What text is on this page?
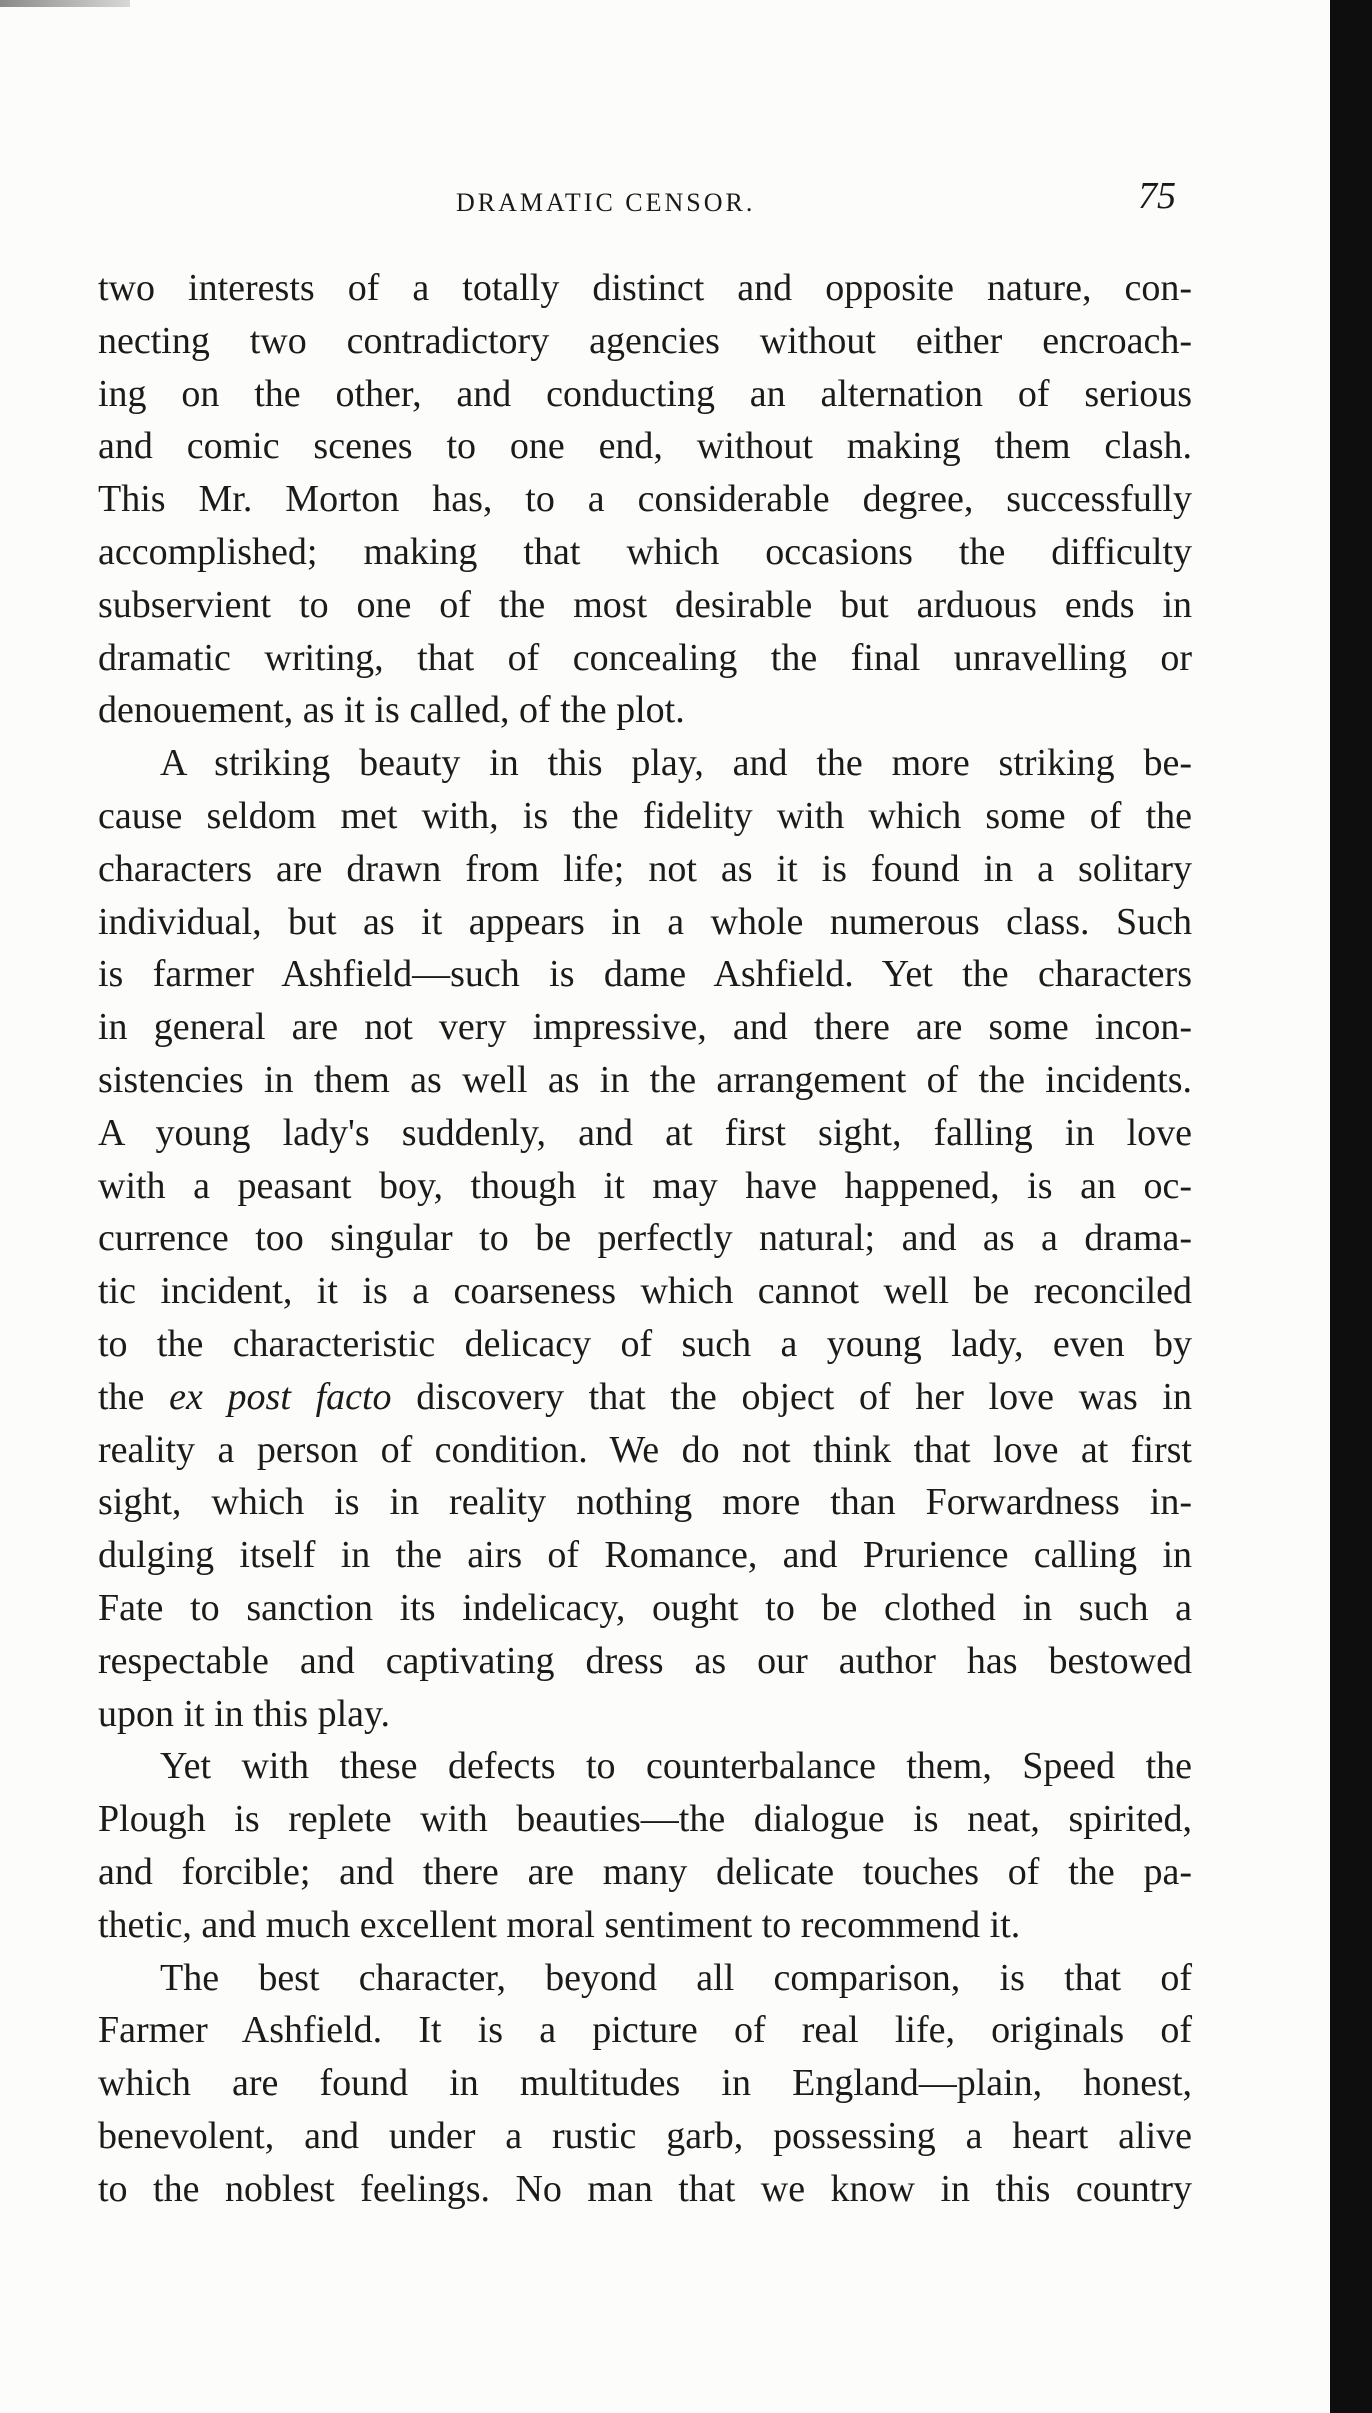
DRAMATIC CENSOR.	75
two interests of a totally distinct and opposite nature, con-
necting two contradictory agencies without either encroach-
ing on the other, and conducting an alternation of serious
and comic scenes to one end, without making them clash.
This Mr. Morton has, to a considerable degree, successfully
accomplished; making that which occasions the difficulty
subservient to one of the most desirable but arduous ends in
dramatic writing, that of concealing the final unravelling or
denouement, as it is called, of the plot.
A striking beauty in this play, and the more striking be-
cause seldom met with, is the fidelity with which some of the
characters are drawn from life; not as it is found in a solitary
individual, but as it appears in a whole numerous class. Such
is farmer Ashfield—such is dame Ashfield. Yet the characters
in general are not very impressive, and there are some incon-
sistencies in them as well as in the arrangement of the incidents.
A young lady's suddenly, and at first sight, falling in love
with a peasant boy, though it may have happened, is an oc-
currence too singular to be perfectly natural; and as a drama-
tic incident, it is a coarseness which cannot well be reconciled
to the characteristic delicacy of such a young lady, even by
the ex post facto discovery that the object of her love was in
reality a person of condition. We do not think that love at first
sight, which is in reality nothing more than Forwardness in-
dulging itself in the airs of Romance, and Prurience calling in
Fate to sanction its indelicacy, ought to be clothed in such a
respectable and captivating dress as our author has bestowed
upon it in this play.
Yet with these defects to counterbalance them, Speed the
Plough is replete with beauties—the dialogue is neat, spirited,
and forcible; and there are many delicate touches of the pa-
thetic, and much excellent moral sentiment to recommend it.
The best character, beyond all comparison, is that of
Farmer Ashfield. It is a picture of real life, originals of
which are found in multitudes in England—plain, honest,
benevolent, and under a rustic garb, possessing a heart alive
to the noblest feelings. No man that we know in this country
